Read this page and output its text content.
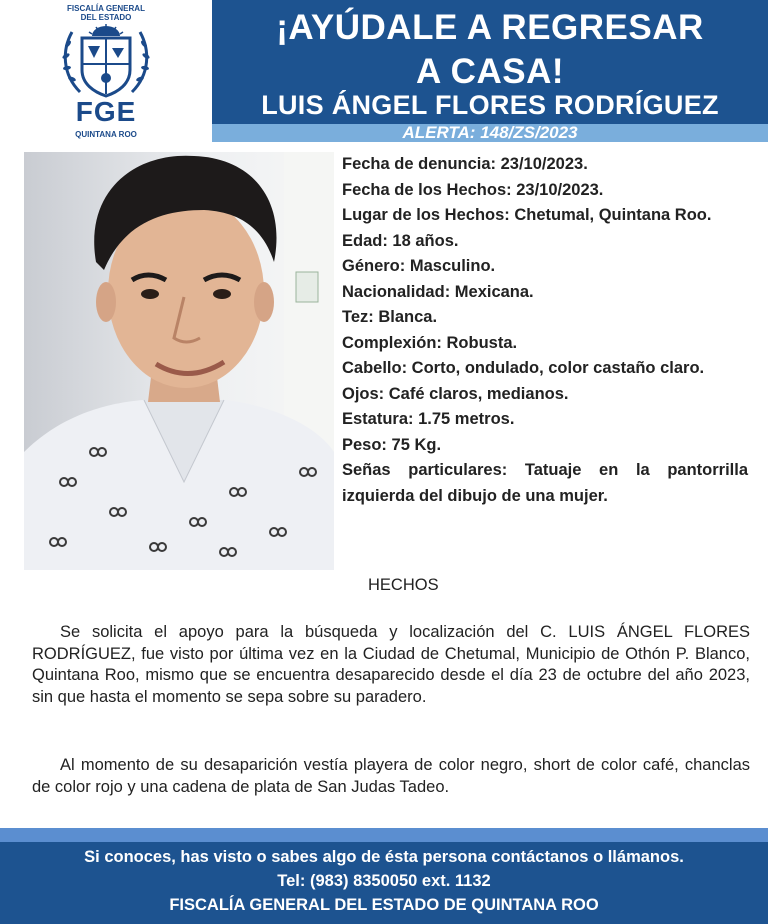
FISCALÍA GENERAL
DEL ESTADO
FGE
QUINTANA ROO
¡AYÚDALE A REGRESAR
A CASA!
LUIS ÁNGEL FLORES RODRÍGUEZ
ALERTA: 148/ZS/2023
Fecha de denuncia: 23/10/2023.
Fecha de los Hechos: 23/10/2023.
Lugar de los Hechos: Chetumal, Quintana Roo.
Edad: 18 años.
Género: Masculino.
Nacionalidad: Mexicana.
Tez: Blanca.
Complexión: Robusta.
Cabello: Corto, ondulado, color castaño claro.
Ojos: Café claros, medianos.
Estatura: 1.75 metros.
Peso: 75 Kg.
Señas particulares: Tatuaje en la pantorrilla izquierda del dibujo de una mujer.
HECHOS
Se solicita el apoyo para la búsqueda y localización del C. LUIS ÁNGEL FLORES RODRÍGUEZ, fue visto por última vez en la Ciudad de Chetumal, Municipio de Othón P. Blanco, Quintana Roo, mismo que se encuentra desaparecido desde el día 23 de octubre del año 2023, sin que hasta el momento se sepa sobre su paradero.
Al momento de su desaparición vestía playera de color negro, short de color café, chanclas de color rojo y una cadena de plata de San Judas Tadeo.
Si conoces, has visto o sabes algo de ésta persona contáctanos o llámanos.
Tel: (983) 8350050 ext. 1132
FISCALÍA GENERAL DEL ESTADO DE QUINTANA ROO
